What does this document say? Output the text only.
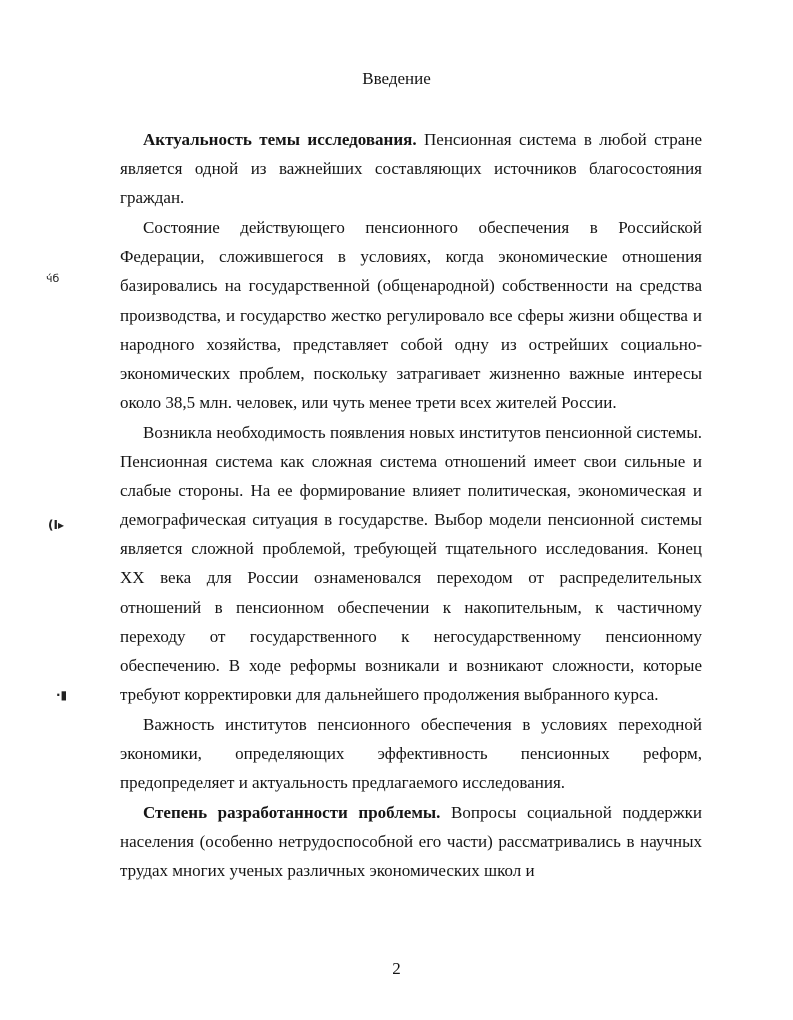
Введение

Актуальность темы исследования. Пенсионная система в любой стране является одной из важнейших составляющих источников благосостояния граждан.

Состояние действующего пенсионного обеспечения в Российской Федерации, сложившегося в условиях, когда экономические отношения базировались на государственной (общенародной) собственности на средства производства, и государство жестко регулировало все сферы жизни общества и народного хозяйства, представляет собой одну из острейших социально-экономических проблем, поскольку затрагивает жизненно важные интересы около 38,5 млн. человек, или чуть менее трети всех жителей России.

Возникла необходимость появления новых институтов пенсионной системы. Пенсионная система как сложная система отношений имеет свои сильные и слабые стороны. На ее формирование влияет политическая, экономическая и демографическая ситуация в государстве. Выбор модели пенсионной системы является сложной проблемой, требующей тщательного исследования. Конец XX века для России ознаменовался переходом от распределительных отношений в пенсионном обеспечении к накопительным, к частичному переходу от государственного к негосударственному пенсионному обеспечению. В ходе реформы возникали и возникают сложности, которые требуют корректировки для дальнейшего продолжения выбранного курса.

Важность институтов пенсионного обеспечения в условиях переходной экономики, определяющих эффективность пенсионных реформ, предопределяет и актуальность предлагаемого исследования.

Степень разработанности проблемы. Вопросы социальной поддержки населения (особенно нетрудоспособной его части) рассматривались в научных трудах многих ученых различных экономических школ и

2
ч́б
(I▸
·▮
